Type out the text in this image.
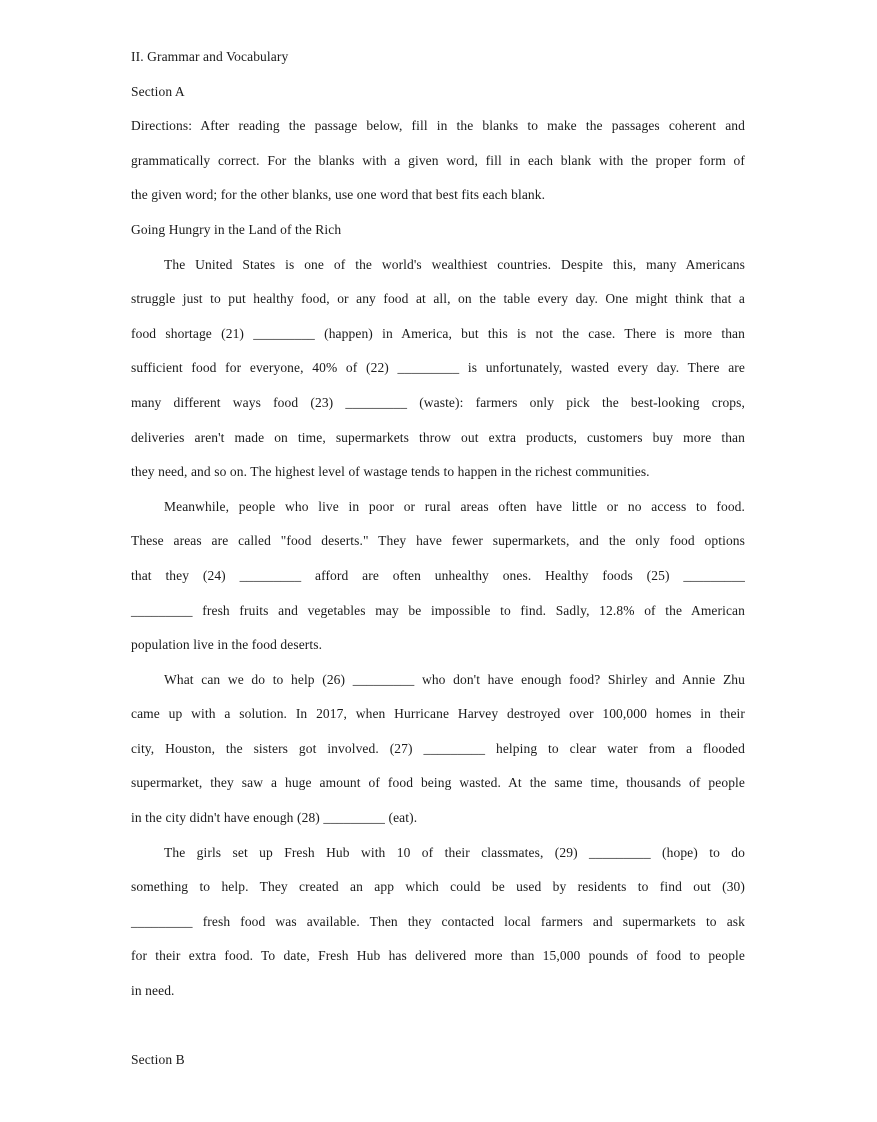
II. Grammar and Vocabulary
Section A
Directions: After reading the passage below, fill in the blanks to make the passages coherent and
grammatically correct. For the blanks with a given word, fill in each blank with the proper form of
the given word; for the other blanks, use one word that best fits each blank.
Going Hungry in the Land of the Rich
The United States is one of the world's wealthiest countries. Despite this, many Americans
struggle just to put healthy food, or any food at all, on the table every day. One might think that a
food shortage (21) _________ (happen) in America, but this is not the case. There is more than
sufficient food for everyone, 40% of (22) _________ is unfortunately, wasted every day. There are
many different ways food (23) _________ (waste): farmers only pick the best-looking crops,
deliveries aren't made on time, supermarkets throw out extra products, customers buy more than
they need, and so on. The highest level of wastage tends to happen in the richest communities.
Meanwhile, people who live in poor or rural areas often have little or no access to food.
These areas are called "food deserts." They have fewer supermarkets, and the only food options
that they (24) _________ afford are often unhealthy ones. Healthy foods (25) _________
_________ fresh fruits and vegetables may be impossible to find. Sadly, 12.8% of the American
population live in the food deserts.
What can we do to help (26) _________ who don't have enough food? Shirley and Annie Zhu
came up with a solution. In 2017, when Hurricane Harvey destroyed over 100,000 homes in their
city, Houston, the sisters got involved. (27) _________ helping to clear water from a flooded
supermarket, they saw a huge amount of food being wasted. At the same time, thousands of people
in the city didn't have enough (28) _________ (eat).
The girls set up Fresh Hub with 10 of their classmates, (29) _________ (hope) to do
something to help. They created an app which could be used by residents to find out (30)
_________ fresh food was available. Then they contacted local farmers and supermarkets to ask
for their extra food. To date, Fresh Hub has delivered more than 15,000 pounds of food to people
in need.
Section B
